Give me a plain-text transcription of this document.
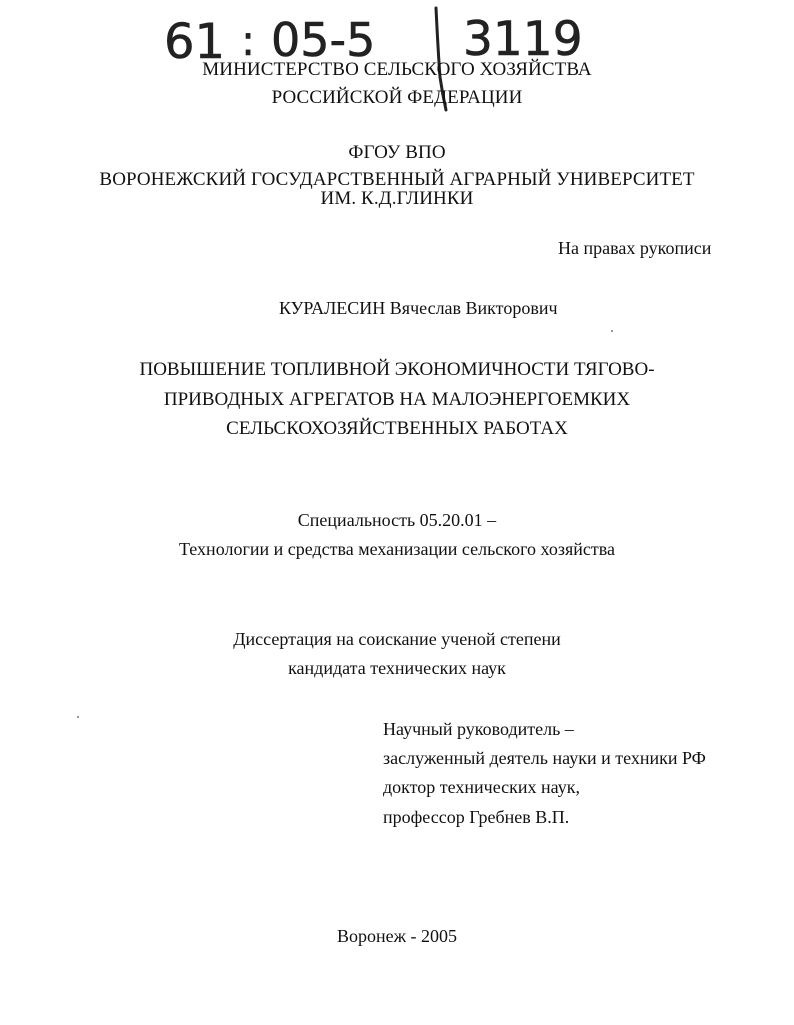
61 : 05-5 3119
МИНИСТЕРСТВО СЕЛЬСКОГО ХОЗЯЙСТВА
РОССИЙСКОЙ ФЕДЕРАЦИИ
ФГОУ ВПО
ВОРОНЕЖСКИЙ ГОСУДАРСТВЕННЫЙ АГРАРНЫЙ УНИВЕРСИТЕТ
ИМ. К.Д.ГЛИНКИ
На правах рукописи
КУРАЛЕСИН Вячеслав Викторович
ПОВЫШЕНИЕ ТОПЛИВНОЙ ЭКОНОМИЧНОСТИ ТЯГОВО-
ПРИВОДНЫХ АГРЕГАТОВ НА МАЛОЭНЕРГОЕМКИХ
СЕЛЬСКОХОЗЯЙСТВЕННЫХ РАБОТАХ
Специальность 05.20.01 –
Технологии и средства механизации сельского хозяйства
Диссертация на соискание ученой степени
кандидата технических наук
Научный руководитель –
заслуженный деятель науки и техники РФ
доктор технических наук,
профессор Гребнев В.П.
Воронеж - 2005
